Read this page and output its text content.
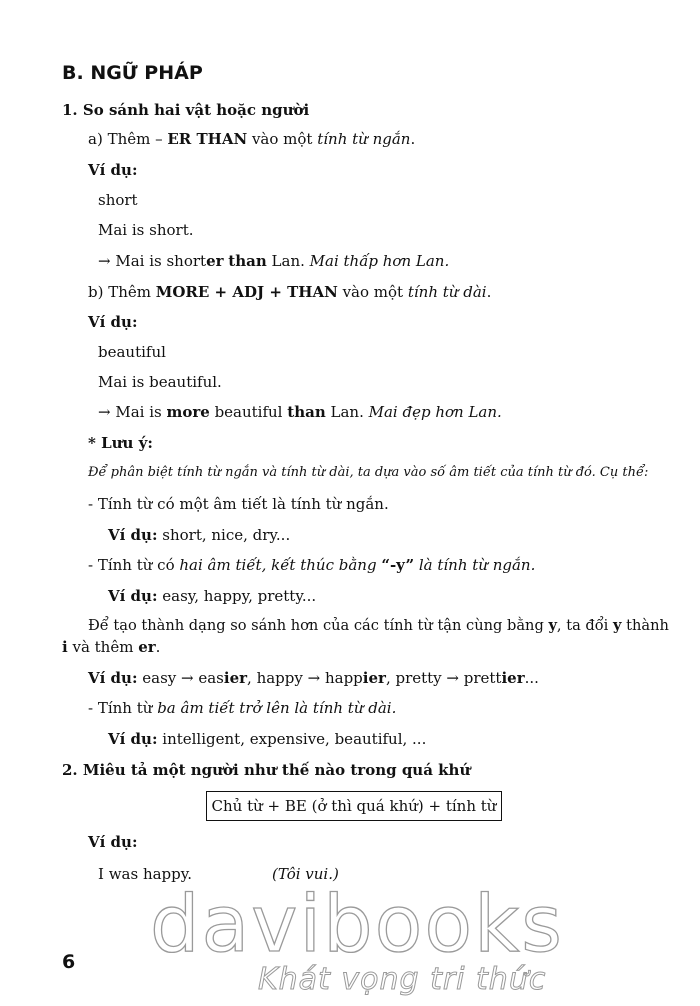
B. NGỮ PHÁP
1. So sánh hai vật hoặc người
a) Thêm – ER THAN vào một tính từ ngắn.
Ví dụ:
short
Mai is short.
→ Mai is shorter than Lan. Mai thấp hơn Lan.
b) Thêm MORE + ADJ + THAN vào một tính từ dài.
Ví dụ:
beautiful
Mai is beautiful.
→ Mai is more beautiful than Lan. Mai đẹp hơn Lan.
* Lưu ý:
Để phân biệt tính từ ngắn và tính từ dài, ta dựa vào số âm tiết của tính từ đó. Cụ thể:
- Tính từ có một âm tiết là tính từ ngắn.
Ví dụ: short, nice, dry...
- Tính từ có hai âm tiết, kết thúc bằng “-y” là tính từ ngắn.
Ví dụ: easy, happy, pretty...
Để tạo thành dạng so sánh hơn của các tính từ tận cùng bằng y, ta đổi y thành
i và thêm er.
Ví dụ: easy → easier, happy → happier, pretty → prettier...
- Tính từ ba âm tiết trở lên là tính từ dài.
Ví dụ: intelligent, expensive, beautiful, ...
2. Miêu tả một người như thế nào trong quá khứ
Chủ từ + BE (ở thì quá khứ) + tính từ
Ví dụ:
I was happy.	(Tôi vui.)
6 davibooks
Khát vọng tri thức
